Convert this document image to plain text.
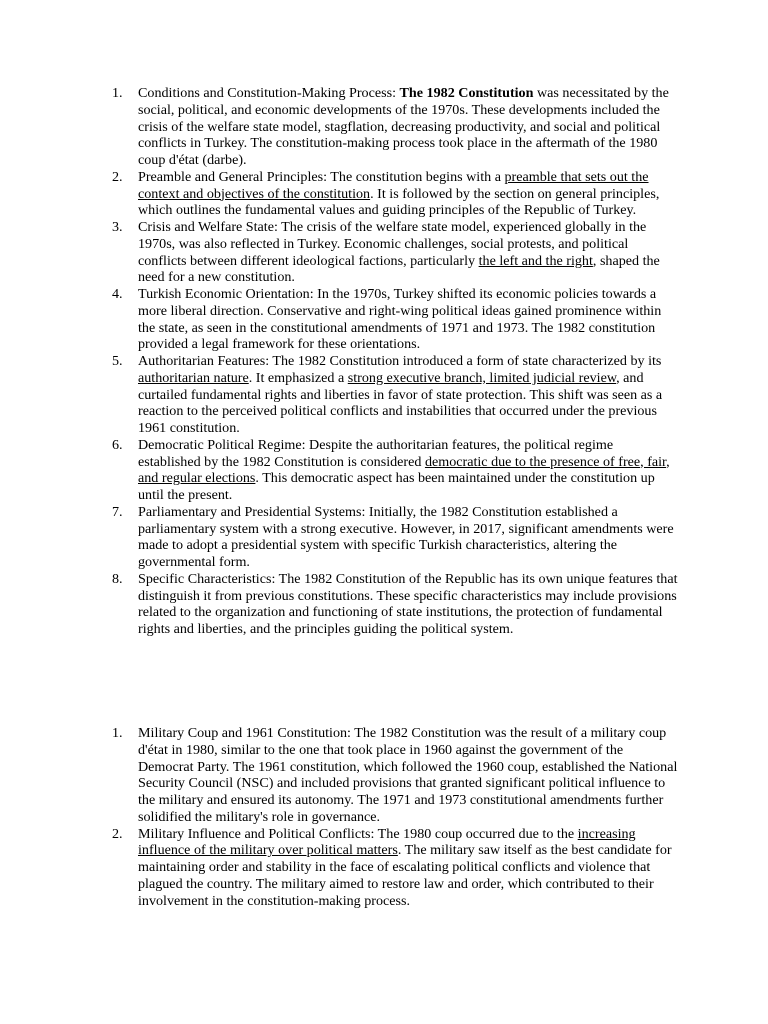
1. Conditions and Constitution-Making Process: The 1982 Constitution was necessitated by the social, political, and economic developments of the 1970s. These developments included the crisis of the welfare state model, stagflation, decreasing productivity, and social and political conflicts in Turkey. The constitution-making process took place in the aftermath of the 1980 coup d'état (darbe).
2. Preamble and General Principles: The constitution begins with a preamble that sets out the context and objectives of the constitution. It is followed by the section on general principles, which outlines the fundamental values and guiding principles of the Republic of Turkey.
3. Crisis and Welfare State: The crisis of the welfare state model, experienced globally in the 1970s, was also reflected in Turkey. Economic challenges, social protests, and political conflicts between different ideological factions, particularly the left and the right, shaped the need for a new constitution.
4. Turkish Economic Orientation: In the 1970s, Turkey shifted its economic policies towards a more liberal direction. Conservative and right-wing political ideas gained prominence within the state, as seen in the constitutional amendments of 1971 and 1973. The 1982 constitution provided a legal framework for these orientations.
5. Authoritarian Features: The 1982 Constitution introduced a form of state characterized by its authoritarian nature. It emphasized a strong executive branch, limited judicial review, and curtailed fundamental rights and liberties in favor of state protection. This shift was seen as a reaction to the perceived political conflicts and instabilities that occurred under the previous 1961 constitution.
6. Democratic Political Regime: Despite the authoritarian features, the political regime established by the 1982 Constitution is considered democratic due to the presence of free, fair, and regular elections. This democratic aspect has been maintained under the constitution up until the present.
7. Parliamentary and Presidential Systems: Initially, the 1982 Constitution established a parliamentary system with a strong executive. However, in 2017, significant amendments were made to adopt a presidential system with specific Turkish characteristics, altering the governmental form.
8. Specific Characteristics: The 1982 Constitution of the Republic has its own unique features that distinguish it from previous constitutions. These specific characteristics may include provisions related to the organization and functioning of state institutions, the protection of fundamental rights and liberties, and the principles guiding the political system.
1. Military Coup and 1961 Constitution: The 1982 Constitution was the result of a military coup d'état in 1980, similar to the one that took place in 1960 against the government of the Democrat Party. The 1961 constitution, which followed the 1960 coup, established the National Security Council (NSC) and included provisions that granted significant political influence to the military and ensured its autonomy. The 1971 and 1973 constitutional amendments further solidified the military's role in governance.
2. Military Influence and Political Conflicts: The 1980 coup occurred due to the increasing influence of the military over political matters. The military saw itself as the best candidate for maintaining order and stability in the face of escalating political conflicts and violence that plagued the country. The military aimed to restore law and order, which contributed to their involvement in the constitution-making process.
